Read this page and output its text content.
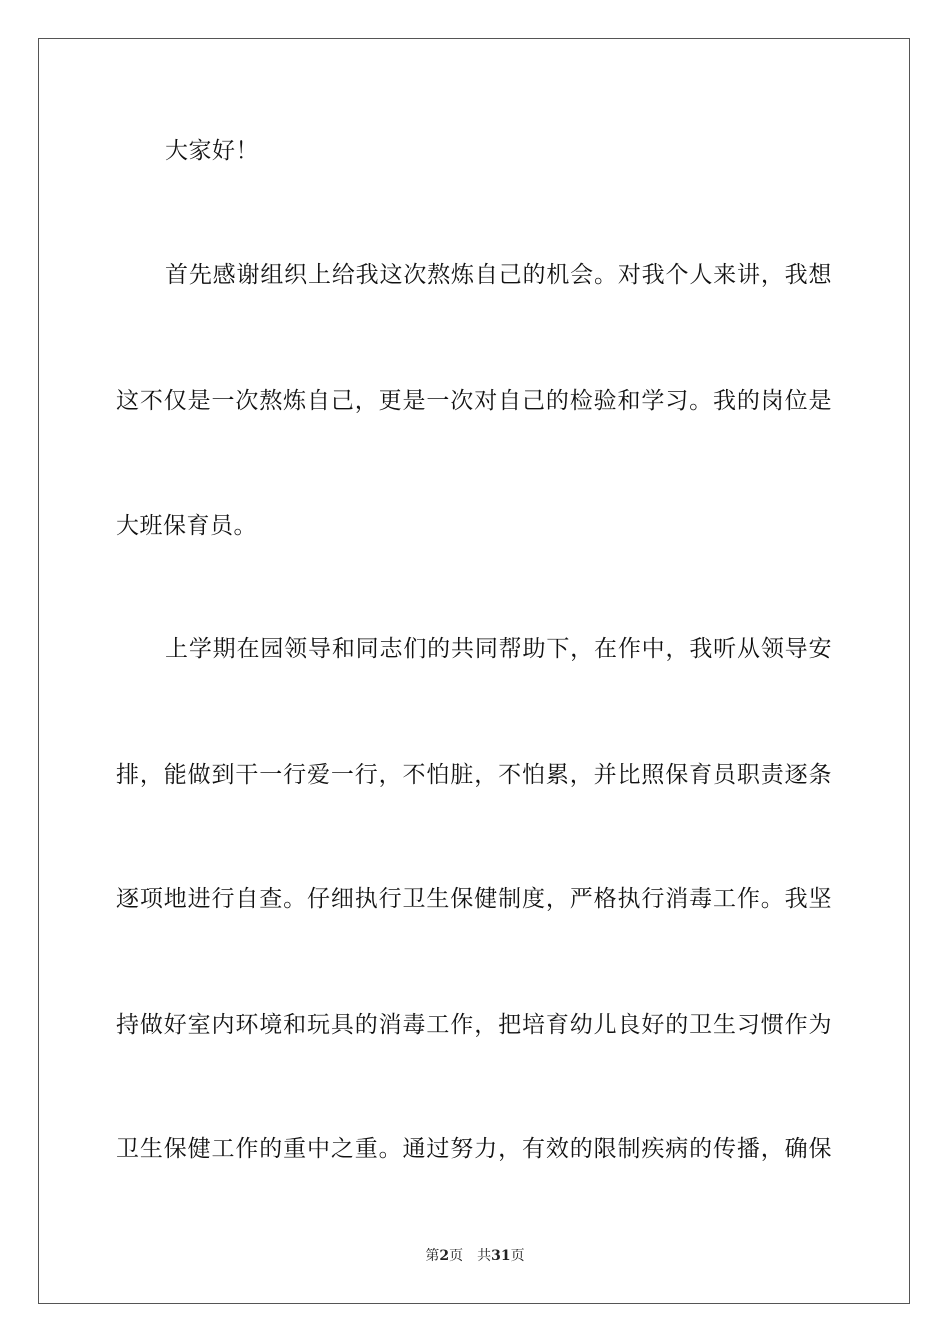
大家好！
首先感谢组织上给我这次熬炼自己的机会。对我个人来讲，我想
这不仅是一次熬炼自己，更是一次对自己的检验和学习。我的岗位是
大班保育员。
上学期在园领导和同志们的共同帮助下，在作中，我听从领导安
排，能做到干一行爱一行，不怕脏，不怕累，并比照保育员职责逐条
逐项地进行自查。仔细执行卫生保健制度，严格执行消毒工作。我坚
持做好室内环境和玩具的消毒工作，把培育幼儿良好的卫生习惯作为
卫生保健工作的重中之重。通过努力，有效的限制疾病的传播，确保
第2页 共31页
